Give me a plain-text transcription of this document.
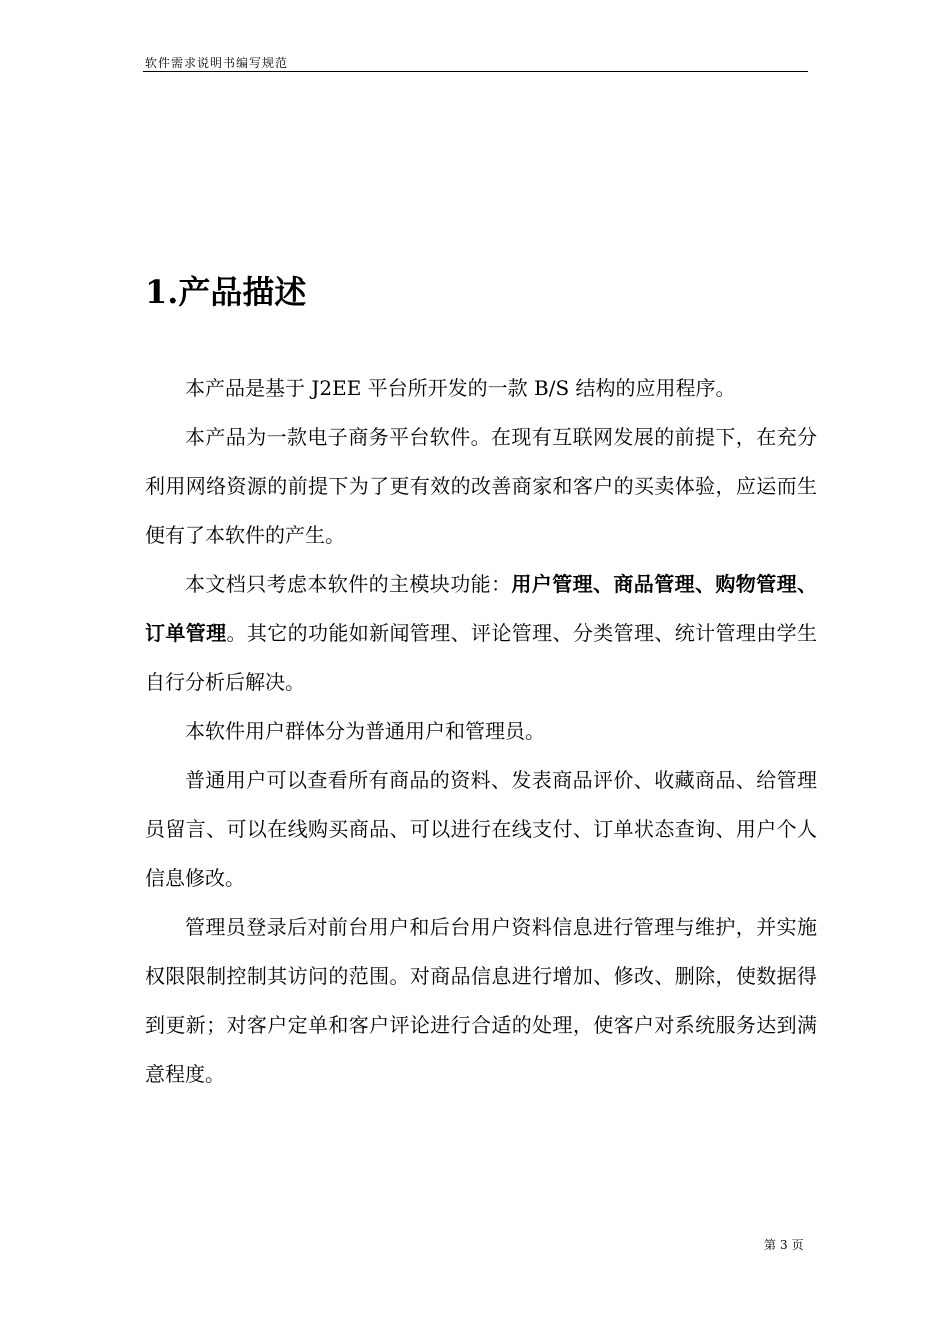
软件需求说明书编写规范
1.产品描述

本产品是基于 J2EE 平台所开发的一款 B/S 结构的应用程序。

本产品为一款电子商务平台软件。在现有互联网发展的前提下，在充分利用网络资源的前提下为了更有效的改善商家和客户的买卖体验，应运而生便有了本软件的产生。

本文档只考虑本软件的主模块功能：用户管理、商品管理、购物管理、订单管理。其它的功能如新闻管理、评论管理、分类管理、统计管理由学生自行分析后解决。

本软件用户群体分为普通用户和管理员。

普通用户可以查看所有商品的资料、发表商品评价、收藏商品、给管理员留言、可以在线购买商品、可以进行在线支付、订单状态查询、用户个人信息修改。

管理员登录后对前台用户和后台用户资料信息进行管理与维护，并实施权限限制控制其访问的范围。对商品信息进行增加、修改、删除，使数据得到更新；对客户定单和客户评论进行合适的处理，使客户对系统服务达到满意程度。

第 3 页
